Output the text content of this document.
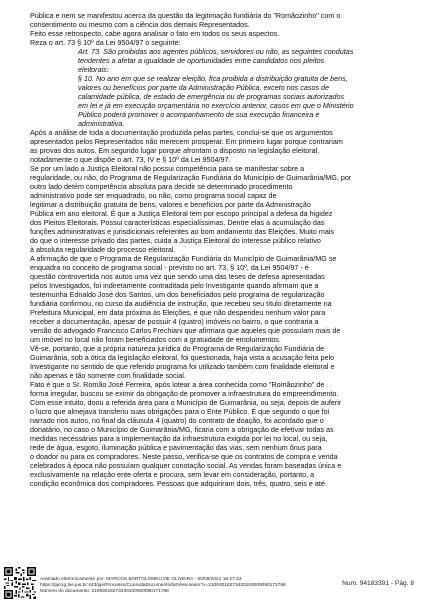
Pública e nem se manifestou acerca da questão da legitimação fundiária do "Romãozinho" com o
consentimento ou mesmo com a ciência dos demais Representados.
Feito esse retrospecto, cabe agora analisar o fato em todos os seus aspectos.
Reza o art. 73 § 10º da Lei 9504/97 o seguinte:
Art. 73. São proibidas aos agentes públicos, servidores ou não, as seguintes condutas
tendentes a afetar a igualdade de oportunidades entre candidatos nos pleitos
eleitorais:
§ 10. No ano em que se realizar eleição, fica proibida a distribuição gratuita de bens,
valores ou benefícios por parte da Administração Pública, exceto nos casos de
calamidade pública, de estado de emergência ou de programas sociais autorizados
em lei e já em execução orçamentária no exercício anterior, casos em que o Ministério
Público poderá promover o acompanhamento de sua execução financeira e
administrativa.
Após a análise de toda a documentação produzida pelas partes, conclui-se que os argumentos
apresentados pelos Representados não merecem prosperar. Em primeiro lugar porque contrariam
as provas dos autos. Em segundo lugar porque afrontam o disposto na legislação eleitoral,
notadamente o que dispõe o art. 73, IV e § 10º da Lei 9504/97.
Se por um lado a Justiça Eleitoral não possui competência para se manifestar sobre a
regularidade, ou não, do Programa de Regularização Fundiária do Município de Guimarânia/MG, por
outro lado detém competência absoluta para decidir se determinado procedimento
administrativo pode ser enquadrado, ou não, como programa social capaz de
legitimar a distribuição gratuita de bens, valores e benefícios por parte da Administração
Pública em ano eleitoral. É que a Justiça Eleitoral tem por escopo principal a defesa da higidez
dos Pleitos Eleitorais. Possui características especialíssimas. Dentre elas a acumulação das
funções administrativas e jurisdicionais referentes ao bom andamento das Eleições. Muito mais
do que o interesse privado das partes, cuida a Justiça Eleitoral do interesse público relativo
à absoluta regularidade do processo eleitoral.
A afirmação de que o Programa de Regularização Fundiária do Município de Guimarânia/MG se
enquadra no conceito de programa social - previsto no art. 73, § 10º, da Lei 9504/97 - é
questão controvertida nos autos uma vez que sendo uma das teses de defesa apresentadas
pelos Investigados, foi indiretamente contraditada pelo Investigante quando afirmam que a
testemunha Ednaldo José dos Santos, um dos beneficiados pelo programa de regularização
fundiária confirmou, no curso da audiência de instrução, que recebeu seu título diretamente na
Prefeitura Municipal, em data próxima às Eleições, e que não despendeu nenhum valor para
receber a documentação, apesar de possuir 4 (quatro) imóveis no bairro, o que contraria a
versão do advogado Francisco Carlos Frechiani que afirmara que aqueles que possuíam mais de
um imóvel no local não foram beneficiados com a gratuidade de emolumentos.
Vê-se, portanto, que a própria natureza jurídica do Programa de Regularização Fundiária de
Guimarânia, sob a ótica da legislação eleitoral, foi questionada, haja vista a acusação feita pelo
Investigante no sentido de que referido programa foi utilizado também com finalidade eleitoral e
não apenas e tão somente com finalidade social.
Fato é que o Sr. Romão José Ferreira, após lotear a área conhecida como "Romãozinho" de
forma irregular, buscou se eximir da obrigação de promover a infraestrutura do empreendimento.
Com esse intuito, doou a referida área para o Município de Guimarânia, ou seja, depois de auferir
o lucro que almejava transferiu suas obrigações para o Ente Público. É que segundo o que foi
narrado nos autos, no final da cláusula 4 (quatro) do contrato de doação, foi acordado que o
donatário, no caso o Município de Guimarânia/MG, ficaria com a obrigação de efetivar todas as
medidas necessárias para a implementação da infraestrutura exigida por lei no local, ou seja,
rede de água, esgoto, iluminação pública e pavimentação das vias, sem nenhum ônus para
o doador ou para os compradores. Neste passo, verifica-se que os contratos de compra e venda
celebrados à época não possuíam qualquer conotação social. As vendas foram baseadas única e
exclusivamente na relação ente oferta e procura, sem levar em consideração, portanto, a
condição econômica dos compradores. Pessoas que adquiriram dois, três, quatro, seis e até
Assinado eletronicamente por: MARCOS BARTOLOMEU DE OLIVEIRA - 30/09/2021 16:27:34
https://pje1g.tse.jus.br:443/pje/Processo/ConsultaDocumento/listView.seam?x=21093016273430100000090171768
Número do documento: 21093016273430100000090171768
Num. 94183391 - Pág. 8
